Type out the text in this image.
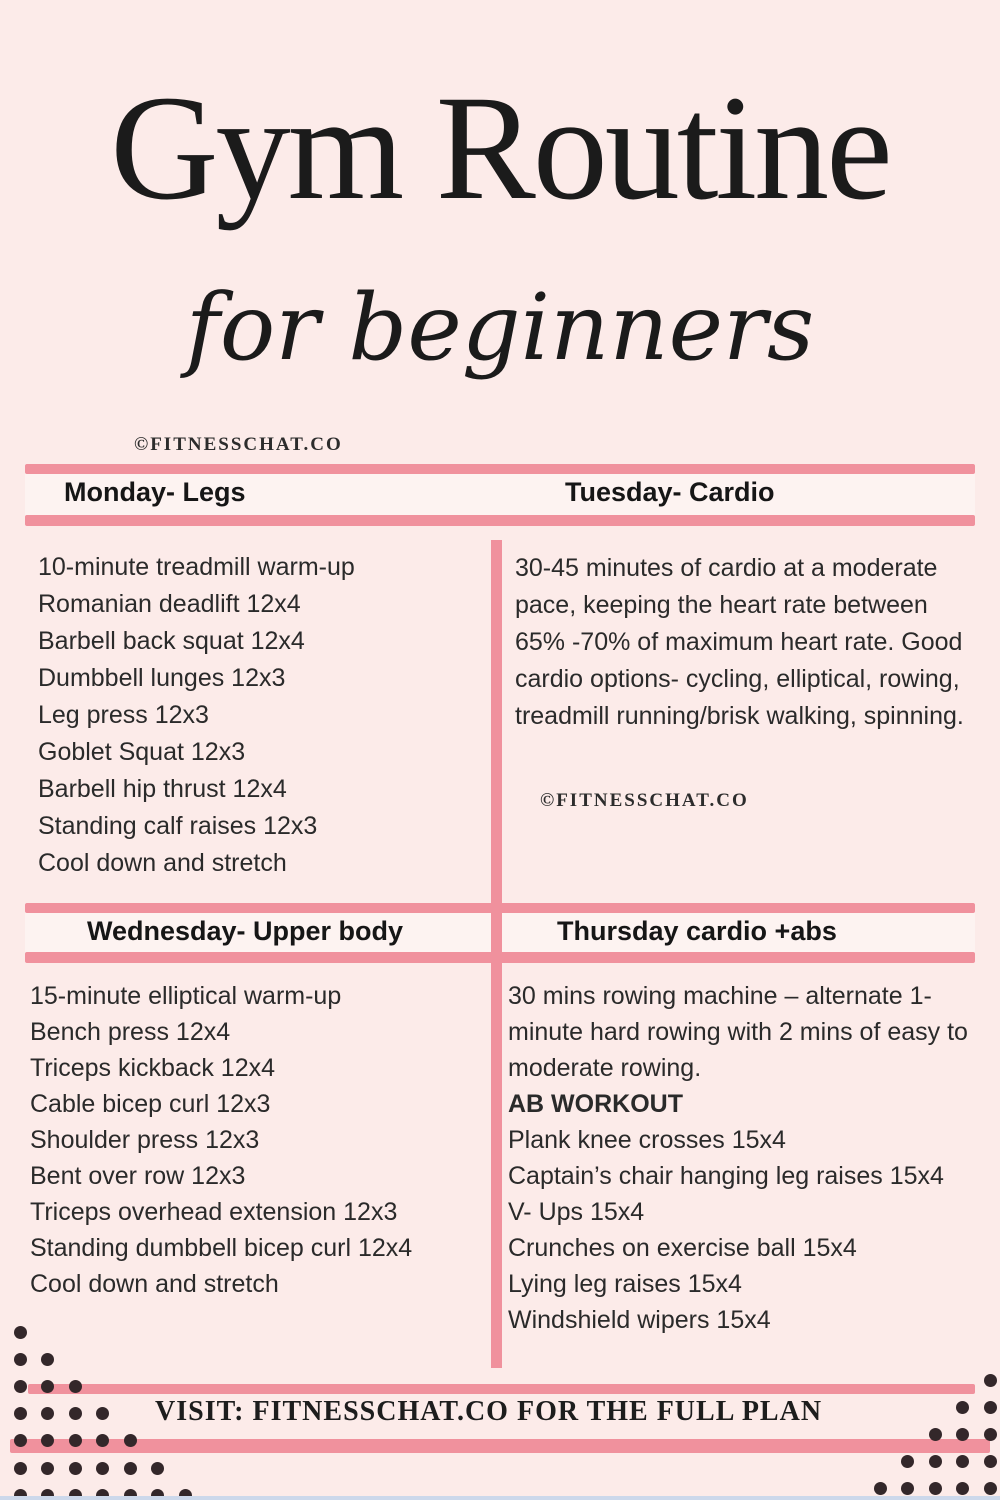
Gym Routine
for beginners
©FITNESSCHAT.CO
Monday- Legs	Tuesday- Cardio
Wednesday- Upper body	Thursday cardio +abs
10-minute treadmill warm-up
Romanian deadlift 12x4
Barbell back squat 12x4
Dumbbell lunges 12x3
Leg press 12x3
Goblet Squat 12x3
Barbell hip thrust 12x4
Standing calf raises 12x3
Cool down and stretch
30-45 minutes of cardio at a moderate pace, keeping the heart rate between 65% -70% of maximum heart rate. Good cardio options- cycling, elliptical, rowing, treadmill running/brisk walking, spinning.
©FITNESSCHAT.CO
15-minute elliptical warm-up
Bench press 12x4
Triceps kickback 12x4
Cable bicep curl 12x3
Shoulder press 12x3
Bent over row 12x3
Triceps overhead extension 12x3
Standing dumbbell bicep curl 12x4
Cool down and stretch
30 mins rowing machine – alternate 1-minute hard rowing with 2 mins of easy to moderate rowing.
AB WORKOUT
Plank knee crosses 15x4
Captain’s chair hanging leg raises 15x4
V- Ups 15x4
Crunches on exercise ball 15x4
Lying leg raises 15x4
Windshield wipers 15x4
VISIT: FITNESSCHAT.CO FOR THE FULL PLAN
